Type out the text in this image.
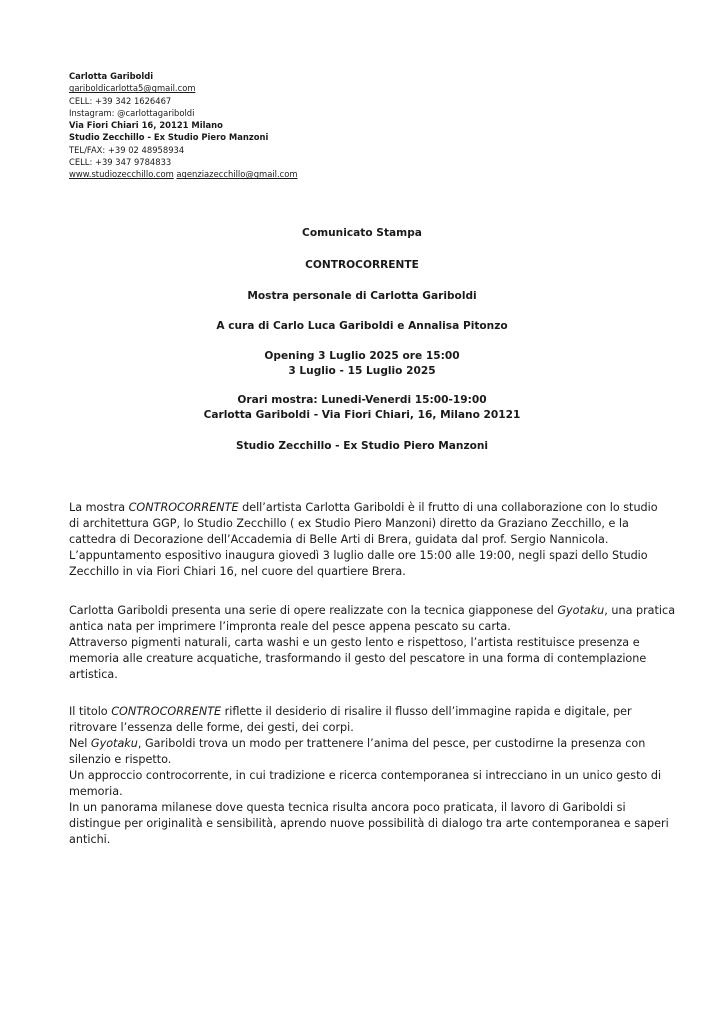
Carlotta Gariboldi
gariboldicarlotta5@gmail.com
CELL: +39 342 1626467
Instagram: @carlottagariboldi
Via Fiori Chiari 16, 20121 Milano
Studio Zecchillo - Ex Studio Piero Manzoni
TEL/FAX: +39 02 48958934
CELL: +39 347 9784833
www.studiozecchillo.com agenziazecchillo@gmail.com
Comunicato Stampa
CONTROCORRENTE
Mostra personale di Carlotta Gariboldi
A cura di Carlo Luca Gariboldi e Annalisa Pitonzo
Opening 3 Luglio 2025 ore 15:00
3 Luglio - 15 Luglio 2025
Orari mostra: Lunedi-Venerdi 15:00-19:00
Carlotta Gariboldi - Via Fiori Chiari, 16, Milano 20121
Studio Zecchillo - Ex Studio Piero Manzoni
La mostra CONTROCORRENTE dell’artista Carlotta Gariboldi è il frutto di una collaborazione con lo studio
di architettura GGP, lo Studio Zecchillo ( ex Studio Piero Manzoni) diretto da Graziano Zecchillo, e la
cattedra di Decorazione dell’Accademia di Belle Arti di Brera, guidata dal prof. Sergio Nannicola.
L’appuntamento espositivo inaugura giovedì 3 luglio dalle ore 15:00 alle 19:00, negli spazi dello Studio
Zecchillo in via Fiori Chiari 16, nel cuore del quartiere Brera.
Carlotta Gariboldi presenta una serie di opere realizzate con la tecnica giapponese del Gyotaku, una pratica
antica nata per imprimere l’impronta reale del pesce appena pescato su carta.
Attraverso pigmenti naturali, carta washi e un gesto lento e rispettoso, l’artista restituisce presenza e
memoria alle creature acquatiche, trasformando il gesto del pescatore in una forma di contemplazione
artistica.
Il titolo CONTROCORRENTE riflette il desiderio di risalire il flusso dell’immagine rapida e digitale, per
ritrovare l’essenza delle forme, dei gesti, dei corpi.
Nel Gyotaku, Gariboldi trova un modo per trattenere l’anima del pesce, per custodirne la presenza con
silenzio e rispetto.
Un approccio controcorrente, in cui tradizione e ricerca contemporanea si intrecciano in un unico gesto di
memoria.
In un panorama milanese dove questa tecnica risulta ancora poco praticata, il lavoro di Gariboldi si
distingue per originalità e sensibilità, aprendo nuove possibilità di dialogo tra arte contemporanea e saperi
antichi.
